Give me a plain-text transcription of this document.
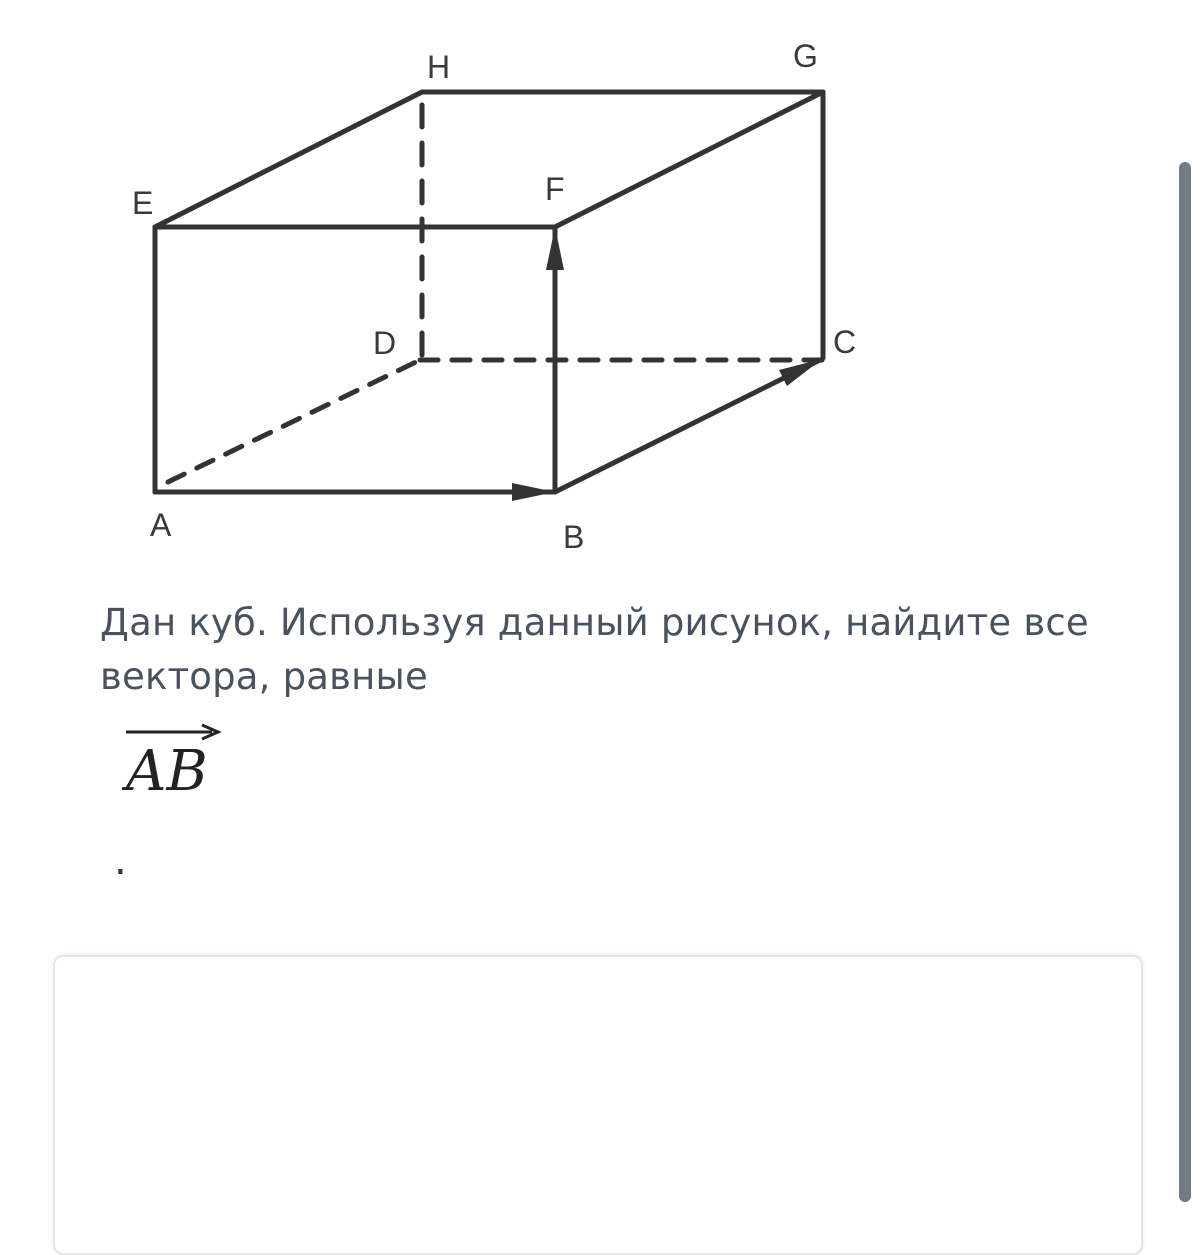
H	G
E	F
D	C
A	B
Дан куб. Используя данный рисунок, найдите все вектора, равные
AB
.
